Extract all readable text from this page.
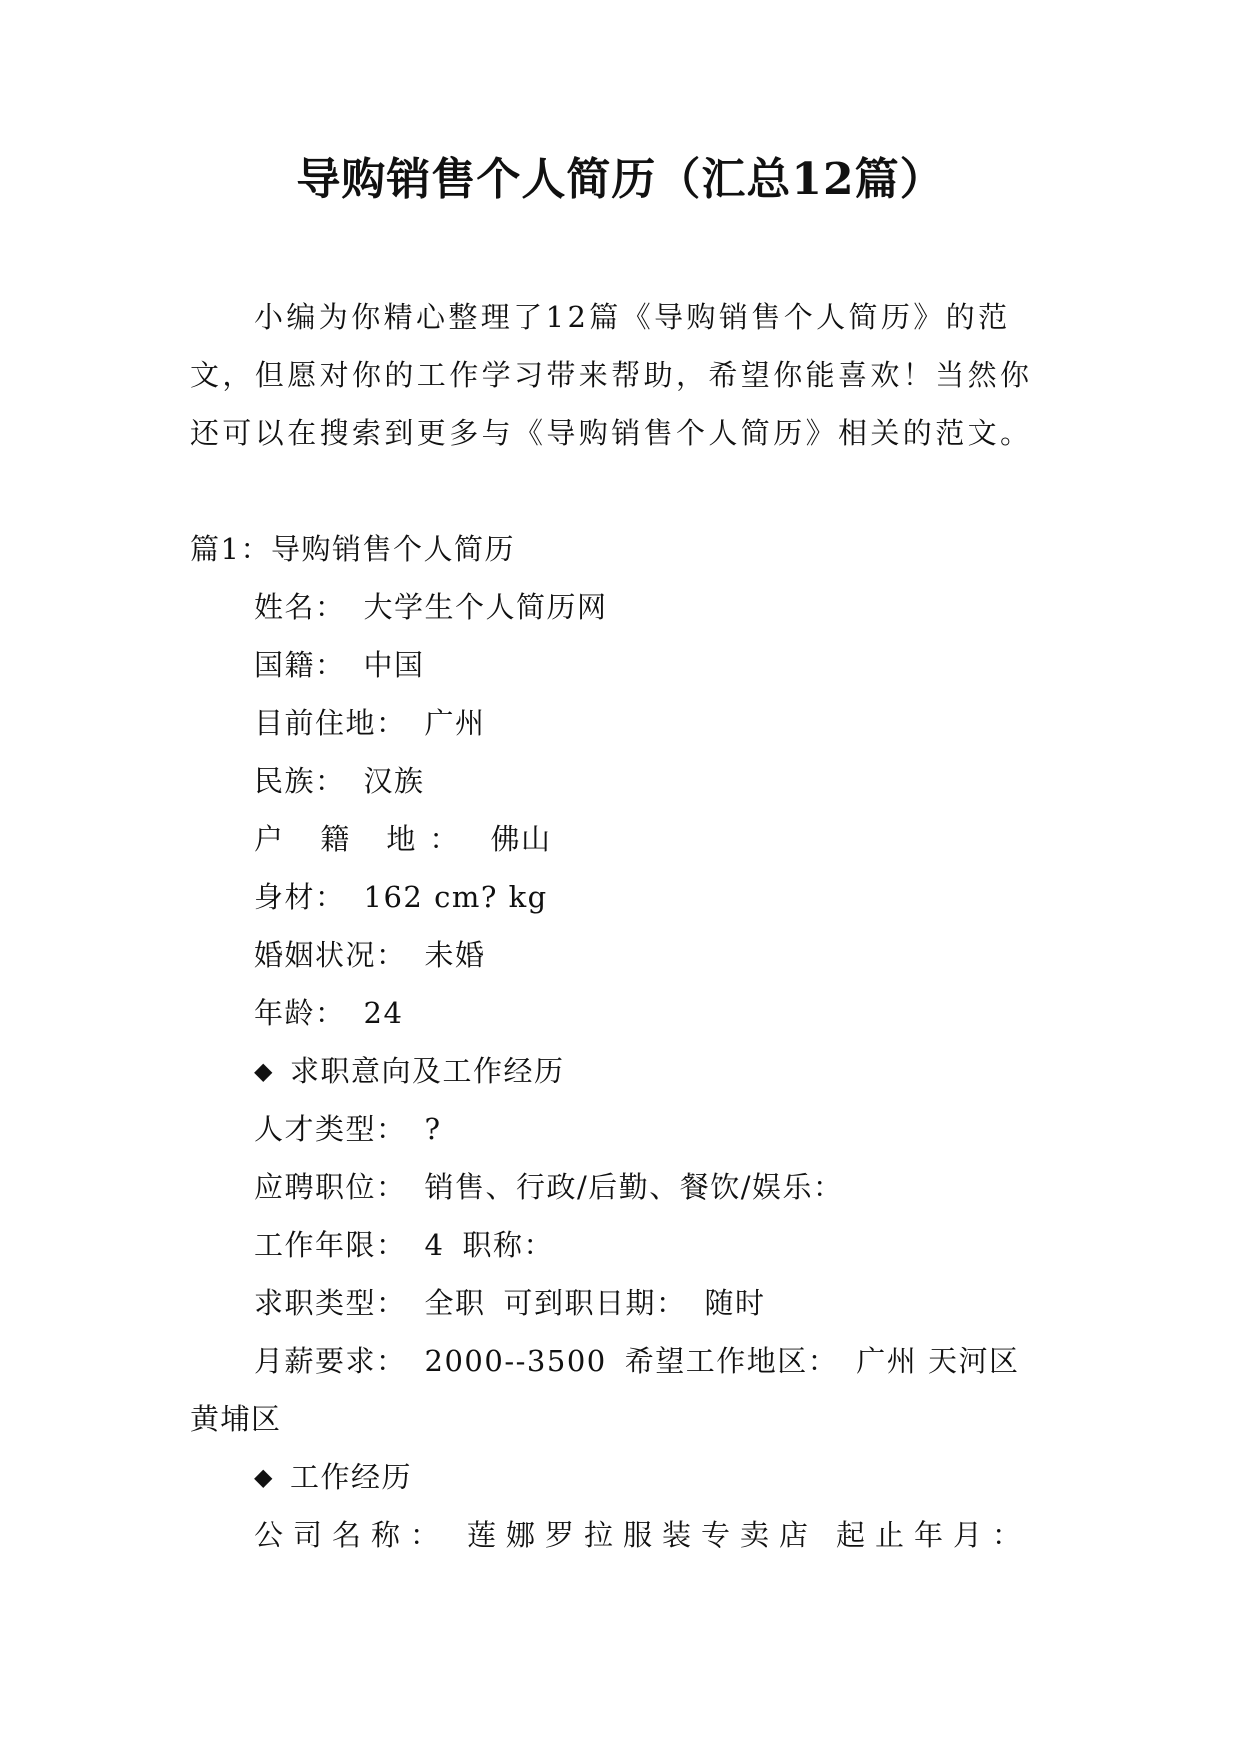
导购销售个人简历（汇总12篇）

小编为你精心整理了12篇《导购销售个人简历》的范文，但愿对你的工作学习带来帮助，希望你能喜欢！当然你还可以在搜索到更多与《导购销售个人简历》相关的范文。

篇1：导购销售个人简历
姓名： 大学生个人简历网
国籍： 中国
目前住地： 广州
民族： 汉族
户 籍 地： 佛山
身材： 162 cm? kg
婚姻状况： 未婚
年龄： 24
◆ 求职意向及工作经历
人才类型： ?
应聘职位： 销售、行政/后勤、餐饮/娱乐：
工作年限： 4 职称：
求职类型： 全职 可到职日期： 随时
月薪要求： 2000--3500 希望工作地区： 广州 天河区
黄埔区
◆ 工作经历
公司名称： 莲娜罗拉服装专卖店 起止年月：
